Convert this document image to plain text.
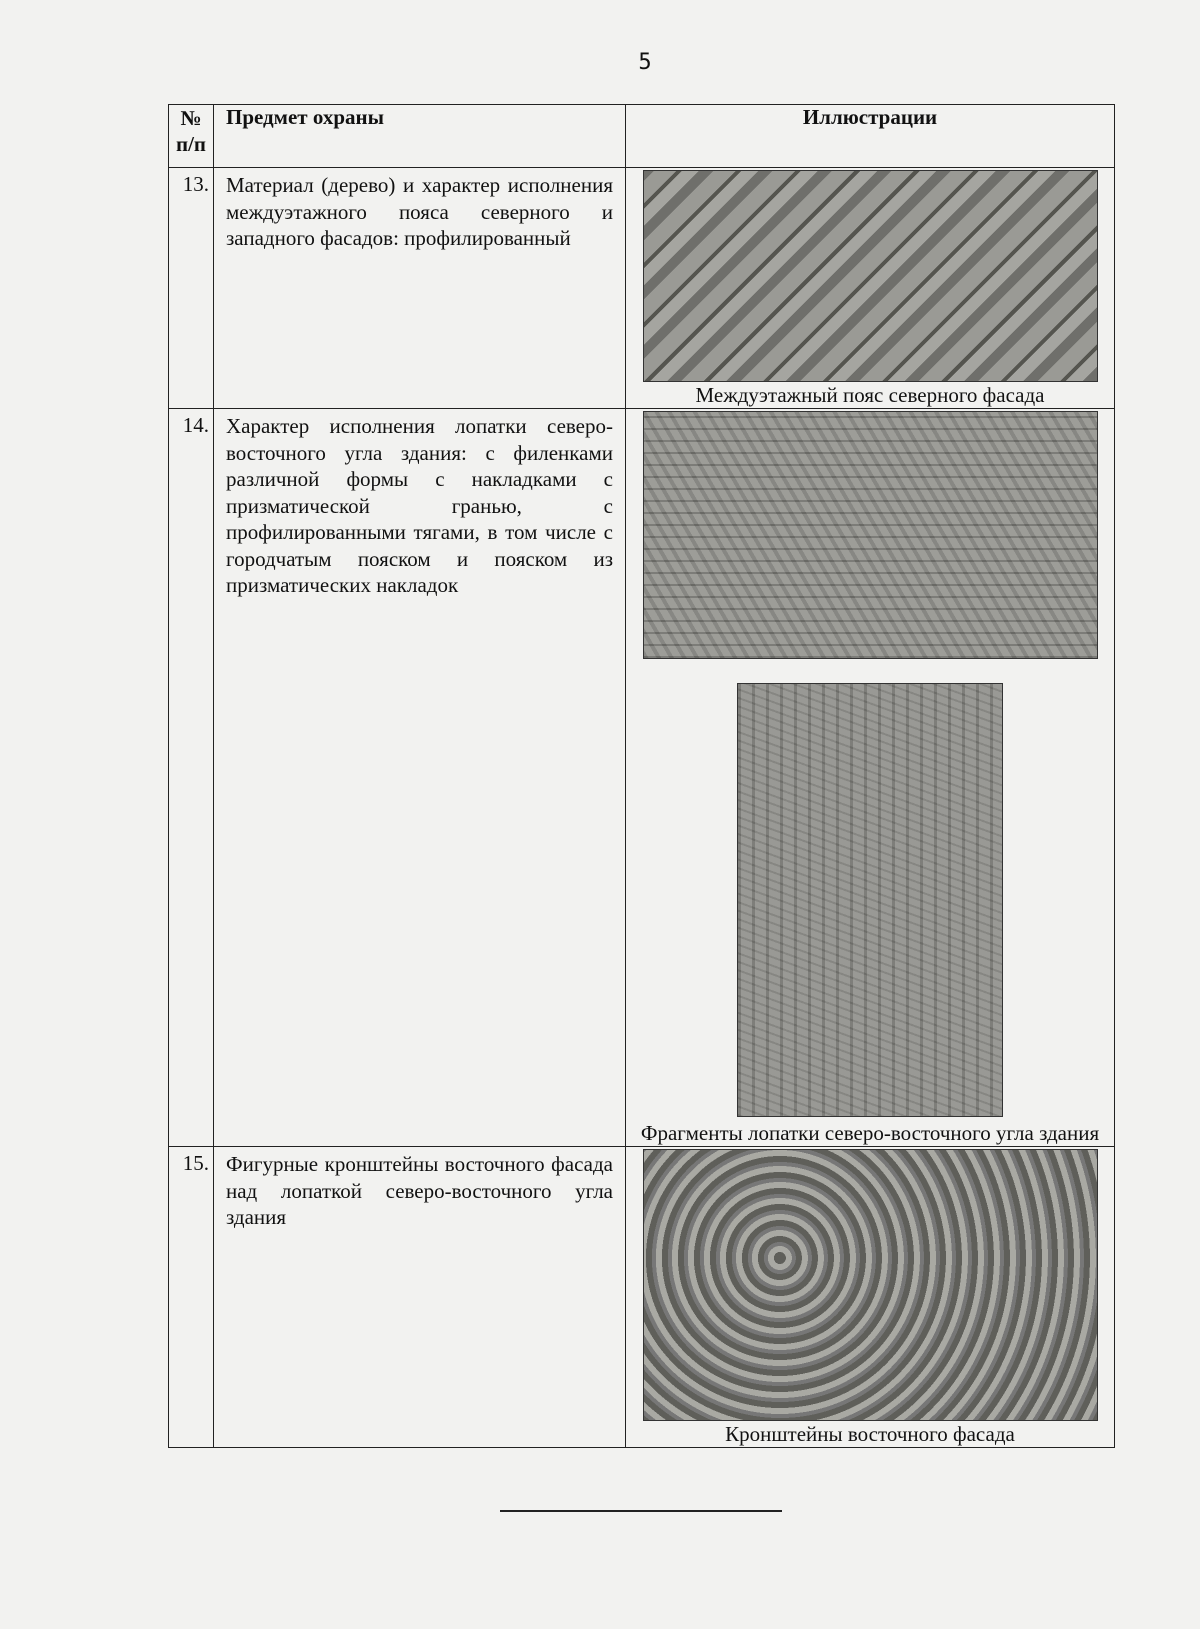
5
№ п/п	Предмет охраны	Иллюстрации
13.	Материал (дерево) и характер исполнения междуэтажного пояса северного и западного фасадов: профилированный	Междуэтажный пояс северного фасада

14.	Характер исполнения лопатки северо-восточного угла здания: с филенками различной формы с накладками с призматической гранью, с профилированными тягами, в том числе с городчатым пояском и пояском из призматических накладок	Фрагменты лопатки северо-восточного угла здания

15.	Фигурные кронштейны восточного фасада над лопаткой северо-восточного угла здания	Кронштейны восточного фасада
